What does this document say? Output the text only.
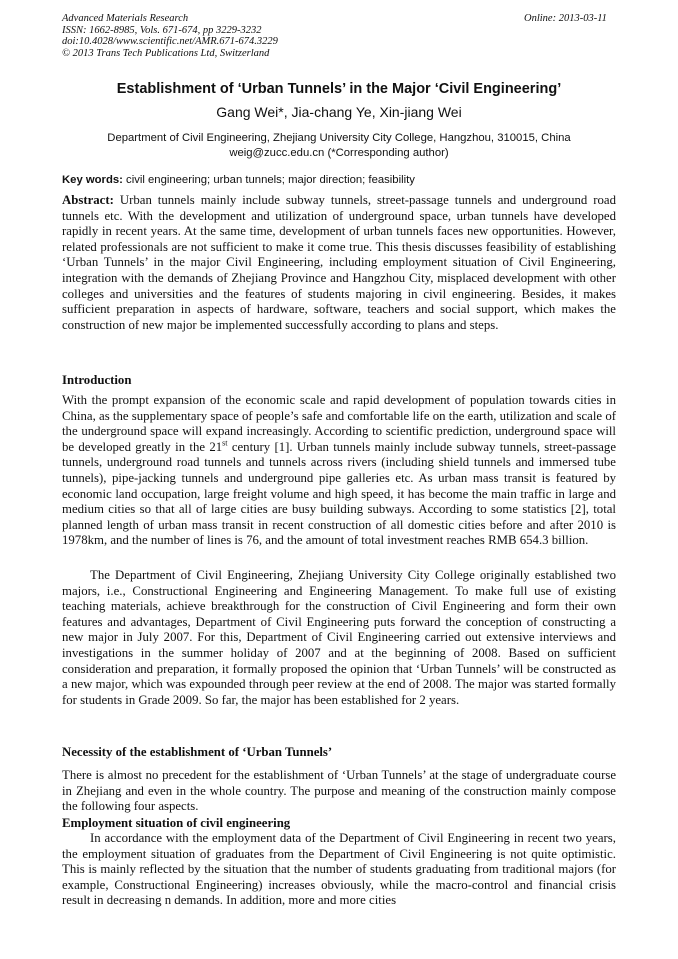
Advanced Materials Research
ISSN: 1662-8985, Vols. 671-674, pp 3229-3232
doi:10.4028/www.scientific.net/AMR.671-674.3229
© 2013 Trans Tech Publications Ltd, Switzerland
Online: 2013-03-11
Establishment of ‘Urban Tunnels’ in the Major ‘Civil Engineering’
Gang Wei*, Jia-chang Ye, Xin-jiang Wei
Department of Civil Engineering, Zhejiang University City College, Hangzhou, 310015, China
weig@zucc.edu.cn (*Corresponding author)
Key words: civil engineering; urban tunnels; major direction; feasibility

Abstract: Urban tunnels mainly include subway tunnels, street-passage tunnels and underground road tunnels etc. With the development and utilization of underground space, urban tunnels have developed rapidly in recent years. At the same time, development of urban tunnels faces new opportunities. However, related professionals are not sufficient to make it come true. This thesis discusses feasibility of establishing ‘Urban Tunnels’ in the major Civil Engineering, including employment situation of Civil Engineering, integration with the demands of Zhejiang Province and Hangzhou City, misplaced development with other colleges and universities and the features of students majoring in civil engineering. Besides, it makes sufficient preparation in aspects of hardware, software, teachers and social support, which makes the construction of new major be implemented successfully according to plans and steps.

Introduction

With the prompt expansion of the economic scale and rapid development of population towards cities in China, as the supplementary space of people’s safe and comfortable life on the earth, utilization and scale of the underground space will expand increasingly. According to scientific prediction, underground space will be developed greatly in the 21st century [1]. Urban tunnels mainly include subway tunnels, street-passage tunnels, underground road tunnels and tunnels across rivers (including shield tunnels and immersed tube tunnels), pipe-jacking tunnels and underground pipe galleries etc. As urban mass transit is featured by economic land occupation, large freight volume and high speed, it has become the main traffic in large and medium cities so that all of large cities are busy building subways. According to some statistics [2], total planned length of urban mass transit in recent construction of all domestic cities before and after 2010 is 1978km, and the number of lines is 76, and the amount of total investment reaches RMB 654.3 billion.

The Department of Civil Engineering, Zhejiang University City College originally established two majors, i.e., Constructional Engineering and Engineering Management. To make full use of existing teaching materials, achieve breakthrough for the construction of Civil Engineering and form their own features and advantages, Department of Civil Engineering puts forward the conception of constructing a new major in July 2007. For this, Department of Civil Engineering carried out extensive interviews and investigations in the summer holiday of 2007 and at the beginning of 2008. Based on sufficient consideration and preparation, it formally proposed the opinion that ‘Urban Tunnels’ will be constructed as a new major, which was expounded through peer review at the end of 2008. The major was started formally for students in Grade 2009. So far, the major has been established for 2 years.

Necessity of the establishment of ‘Urban Tunnels’

There is almost no precedent for the establishment of ‘Urban Tunnels’ at the stage of undergraduate course in Zhejiang and even in the whole country. The purpose and meaning of the construction mainly compose the following four aspects.

Employment situation of civil engineering

In accordance with the employment data of the Department of Civil Engineering in recent two years, the employment situation of graduates from the Department of Civil Engineering is not quite optimistic. This is mainly reflected by the situation that the number of students graduating from traditional majors (for example, Constructional Engineering) increases obviously, while the macro-control and financial crisis result in decreasing n demands. In addition, more and more cities
